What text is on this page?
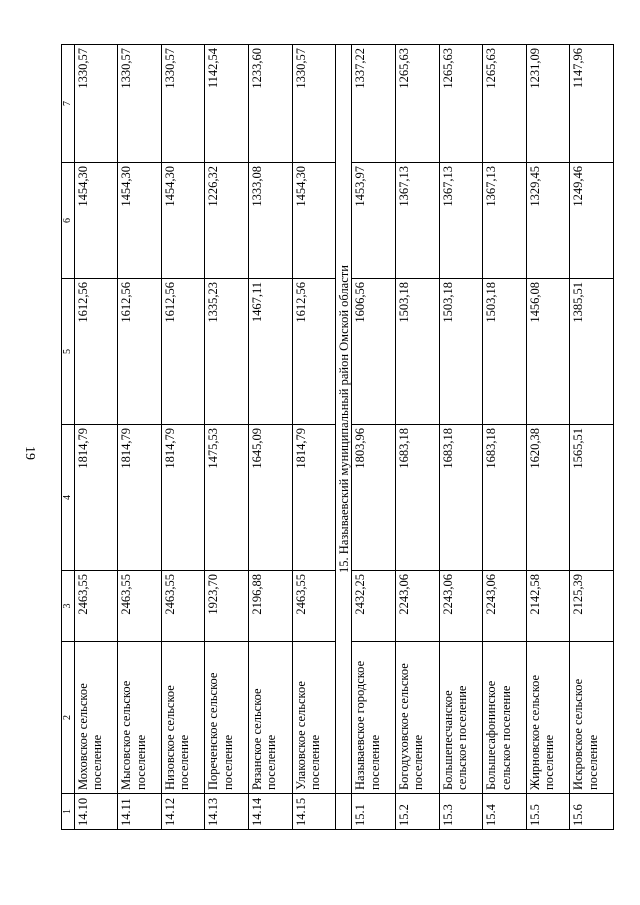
19
1	2	3	4	5	6	7
14.10	Моховское сельское поселение	2463,55	1814,79	1612,56	1454,30	1330,57
14.11	Мысовское сельское поселение	2463,55	1814,79	1612,56	1454,30	1330,57
14.12	Низовское сельское поселение	2463,55	1814,79	1612,56	1454,30	1330,57
14.13	Пореченское сельское поселение	1923,70	1475,53	1335,23	1226,32	1142,54
14.14	Рязанское сельское поселение	2196,88	1645,09	1467,11	1333,08	1233,60
14.15	Улаковское сельское поселение	2463,55	1814,79	1612,56	1454,30	1330,57
	15. Называевский муниципальный район Омской области					
15.1	Называевское городское поселение	2432,25	1803,96	1606,56	1453,97	1337,22
15.2	Богодуховское сельское поселение	2243,06	1683,18	1503,18	1367,13	1265,63
15.3	Большепесчанское сельское поселение	2243,06	1683,18	1503,18	1367,13	1265,63
15.4	Большесафонинское сельское поселение	2243,06	1683,18	1503,18	1367,13	1265,63
15.5	Жирновское сельское поселение	2142,58	1620,38	1456,08	1329,45	1231,09
15.6	Искровское сельское поселение	2125,39	1565,51	1385,51	1249,46	1147,96
